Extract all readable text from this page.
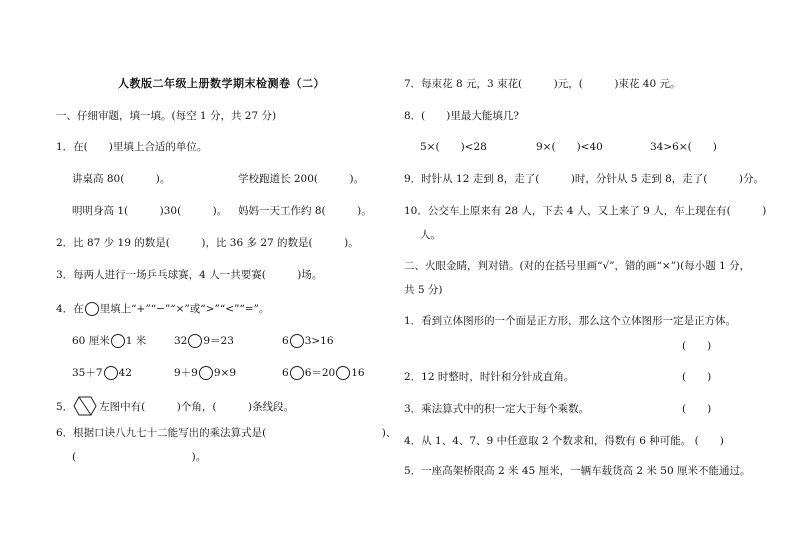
人教版二年级上册数学期末检测卷（二）
一、仔细审题，填一填。(每空 1 分，共 27 分)
1．在(　　)里填上合适的单位。
讲桌高 80(　　　)。	学校跑道长 200(　　　)。
明明身高 1(　　　)30(　　　)。 妈妈一天工作约 8(　　　)。
2．比 87 少 19 的数是(　　　)，比 36 多 27 的数是(　　　)。
3．每两人进行一场乒乓球赛，4 人一共要赛(　　　)场。
4．在 里填上“+”“−”“×”或“>”“<”“=”。
60 厘米 1 米	32 9＝23	6 3>16
35＋7 42	9＋9 9×9	6 6＝20 16
5． 左图中有(　　　)个角，(　　　)条线段。
6．根据口诀八九七十二能写出的乘法算式是(　　　　　　　　　　　)、
(　　　　　　　　　　　)。
7．每束花 8 元，3 束花(　　　)元，(　　　)束花 40 元。
8．(　　)里最大能填几?
5×(　　)<28	9×(　　)<40	34>6×(　　)
9．时针从 12 走到 8，走了(　　　)时，分针从 5 走到 8，走了(　　　)分。
10．公交车上原来有 28 人，下去 4 人，又上来了 9 人，车上现在有(　　　)
人。
二、火眼金睛，判对错。(对的在括号里画“√”，错的画“×”)(每小题 1 分，
共 5 分)
1．看到立体图形的一个面是正方形，那么这个立体图形一定是正方体。
(　　)
2．12 时整时，时针和分针成直角。	(　　)
3．乘法算式中的积一定大于每个乘数。	(　　)
4．从 1、4、7、9 中任意取 2 个数求和，得数有 6 种可能。 (　　)
5．一座高架桥限高 2 米 45 厘米，一辆车载货高 2 米 50 厘米不能通过。
